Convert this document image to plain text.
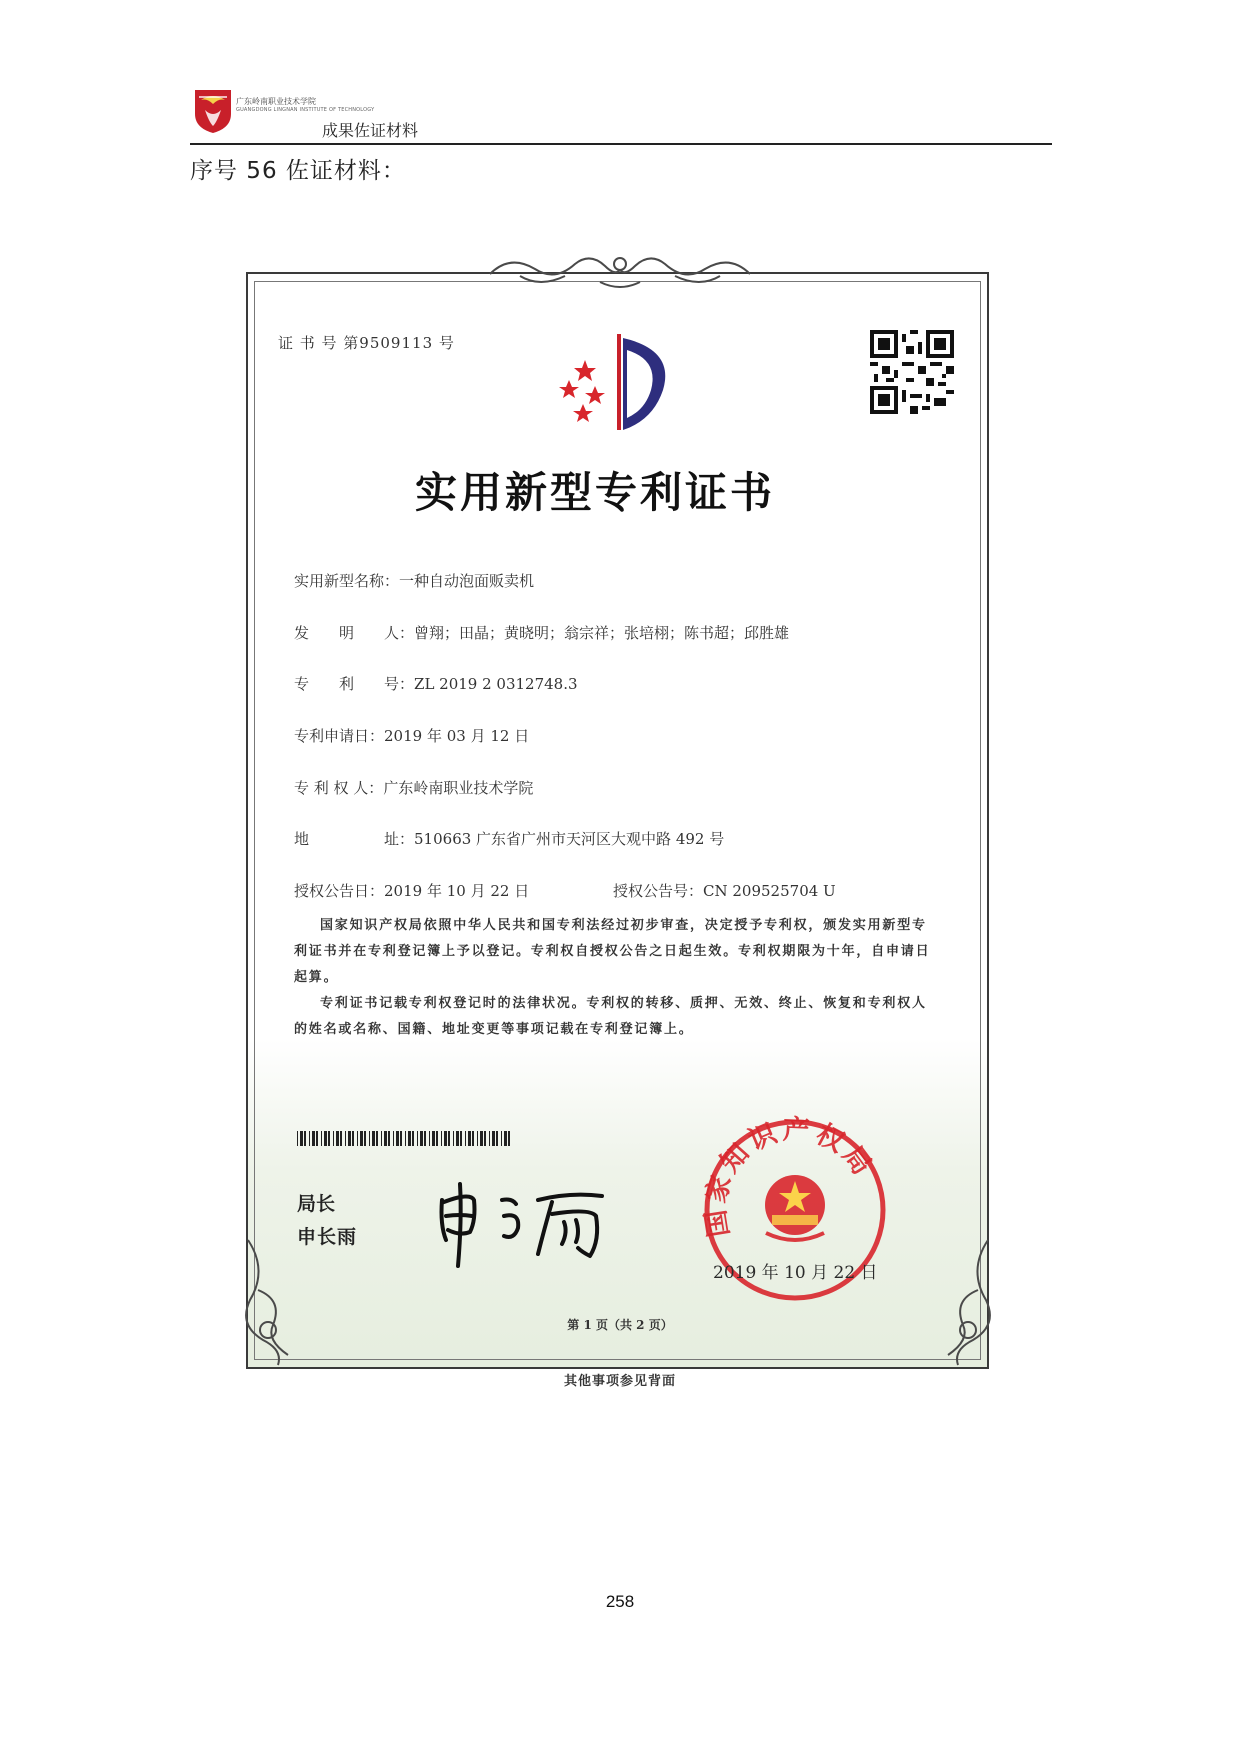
广东岭南职业技术学院
GUANGDONG LINGNAN INSTITUTE OF TECHNOLOGY
成果佐证材料
序号 56 佐证材料：
证 书 号 第9509113 号
实用新型专利证书
实用新型名称：一种自动泡面贩卖机
发　　明　　人：曾翔；田晶；黄晓明；翁宗祥；张培栩；陈书超；邱胜雄
专　　利　　号：ZL 2019 2 0312748.3
专利申请日：2019 年 03 月 12 日
专 利 权 人：广东岭南职业技术学院
地　　　　　址：510663 广东省广州市天河区大观中路 492 号
授权公告日：2019 年 10 月 22 日	授权公告号：CN 209525704 U

国家知识产权局依照中华人民共和国专利法经过初步审查，决定授予专利权，颁发实用新型专利证书并在专利登记簿上予以登记。专利权自授权公告之日起生效。专利权期限为十年，自申请日起算。

专利证书记载专利权登记时的法律状况。专利权的转移、质押、无效、终止、恢复和专利权人的姓名或名称、国籍、地址变更等事项记载在专利登记簿上。

局长
申长雨	国家知识产权局
2019 年 10 月 22 日
第 1 页（共 2 页）
其他事项参见背面
258
